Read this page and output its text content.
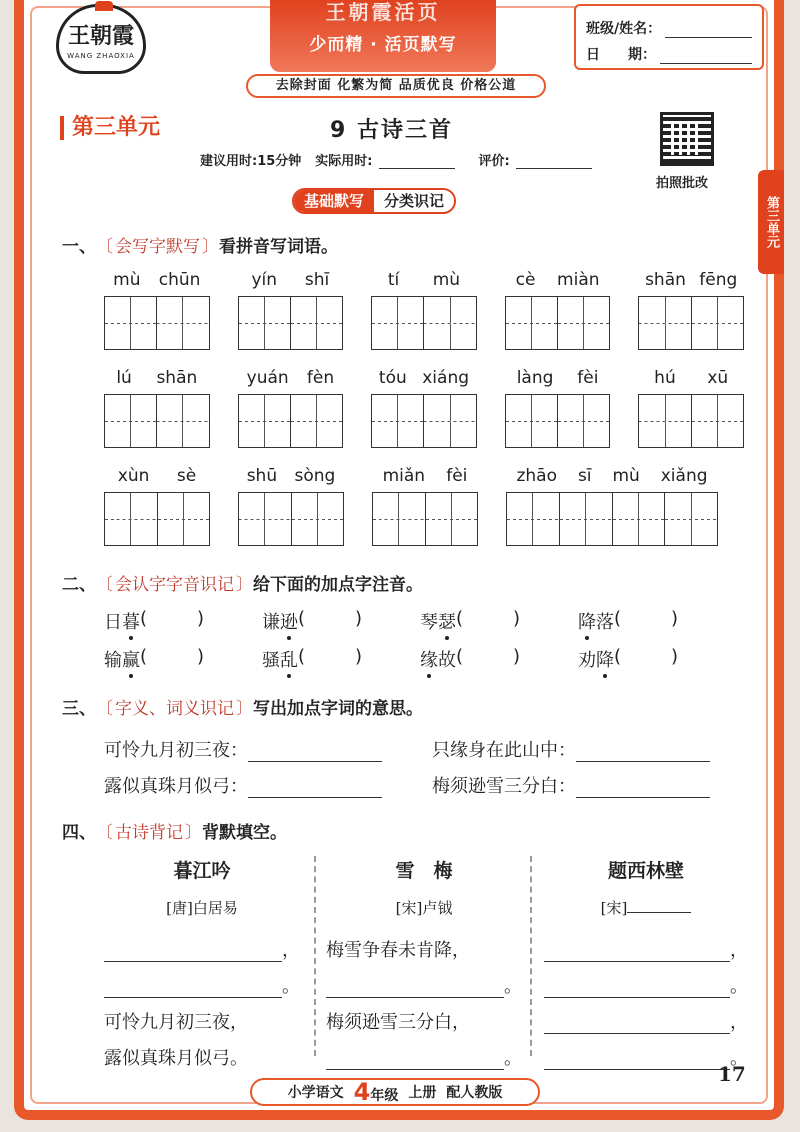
王朝霞
WANG ZHAOXIA
王朝霞活页
少而精 · 活页默写
去除封面 化繁为简 品质优良 价格公道
班级/姓名：
日　　期：
第三单元	9 古诗三首
建议用时:15分钟 实际用时:	评价:
拍照批改
第三单元
基础默写	分类识记
一、 〔 会写字默写 〕 看拼音写词语。
mù chūn	yín shī	tí mù	cè miàn	shān fēng
lú shān	yuán fèn	tóu xiáng	làng fèi	hú xū
xùn sè	shū sòng	miǎn fèi	zhāo sī mù xiǎng
二、 〔 会认字字音识记 〕 给下面的加点字注音。
日 暮 (	)	谦 逊 (	)	琴 瑟 (	)	降 落 (	)
输 赢 (	)	骚 乱 (	)	缘 故 (	)	劝 降 (	)
三、 〔 字义、词义识记 〕 写出加点字词的意思。
可怜九月初三夜：	只缘身在此山中：
露似真珠月似弓：	梅须逊雪三分白：
四、 〔 古诗背记 〕 背默填空。
暮江吟
[唐]白居易
，
。
可怜九月初三夜，
露似真珠月似弓。
雪　梅
[宋]卢钺
梅雪争春未肯降，
。
梅须逊雪三分白，
。
题西林壁
[宋]
，
。
，
。
小学语文 4年级 上册 配人教版
17
